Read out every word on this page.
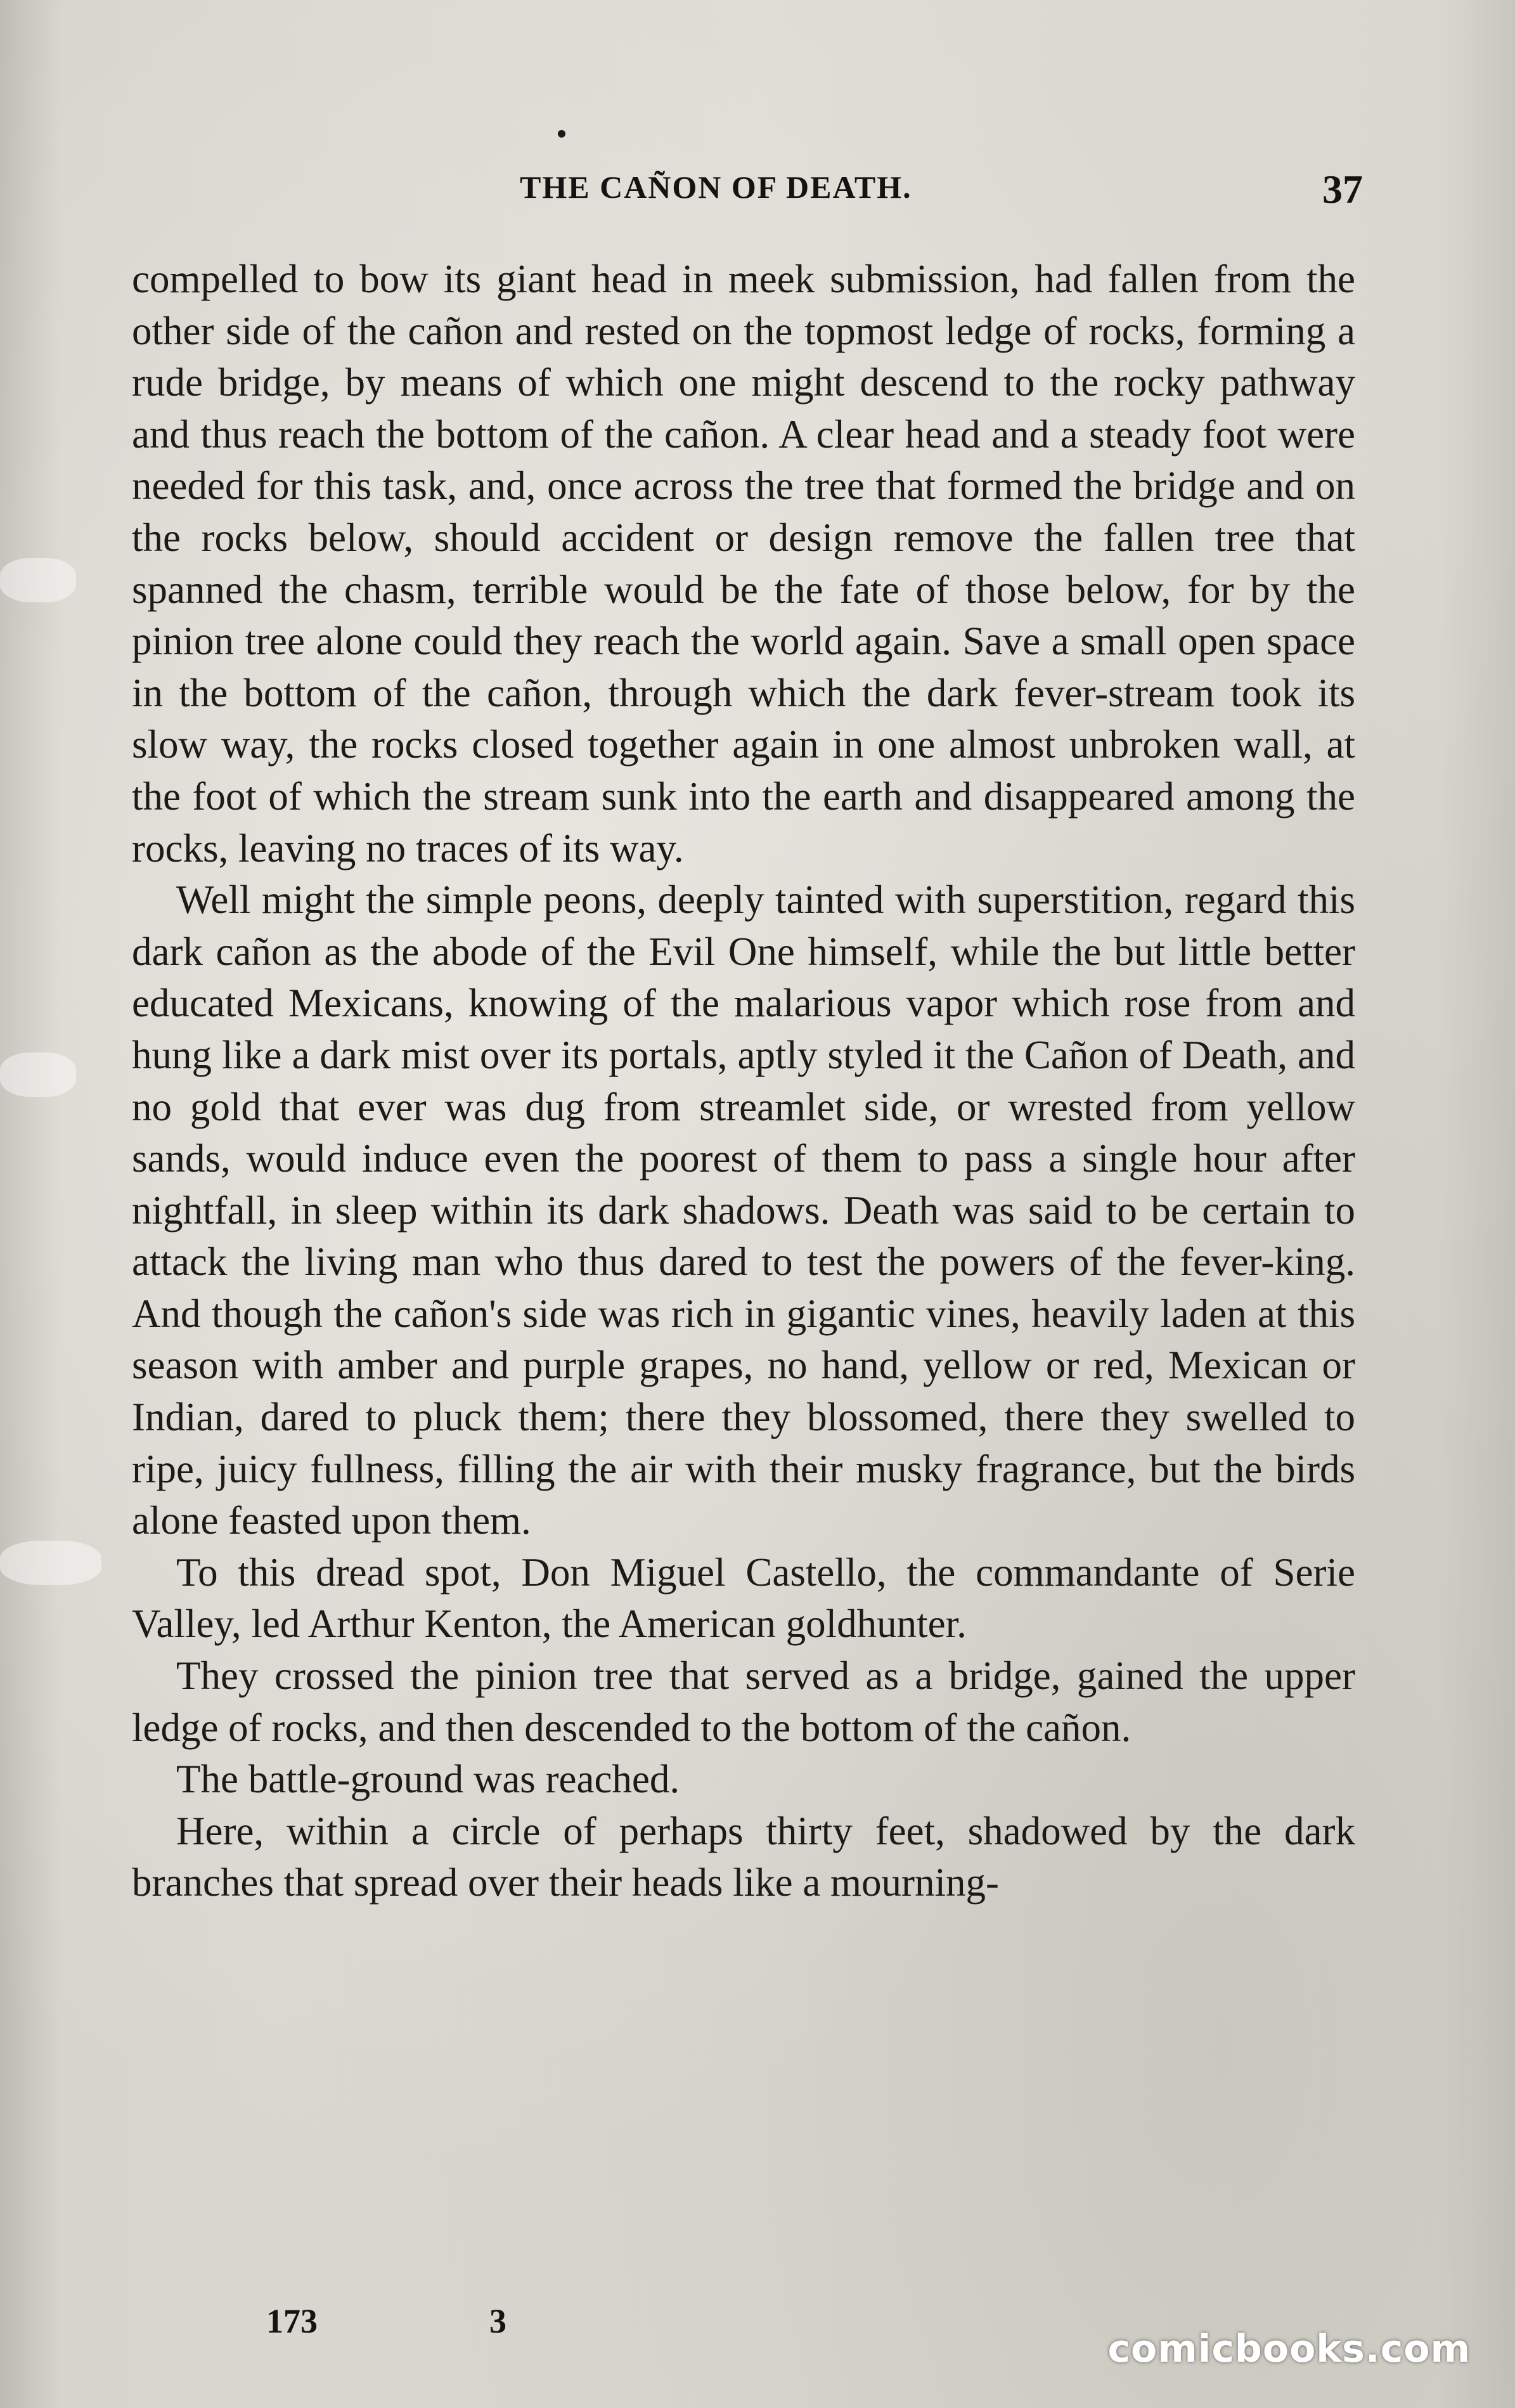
THE CAÑON OF DEATH.	37

compelled to bow its giant head in meek submission, had fallen from the other side of the cañon and rested on the topmost ledge of rocks, forming a rude bridge, by means of which one might descend to the rocky pathway and thus reach the bottom of the cañon. A clear head and a steady foot were needed for this task, and, once across the tree that formed the bridge and on the rocks below, should accident or design remove the fallen tree that spanned the chasm, terrible would be the fate of those below, for by the pinion tree alone could they reach the world again. Save a small open space in the bottom of the cañon, through which the dark fever-stream took its slow way, the rocks closed together again in one almost unbroken wall, at the foot of which the stream sunk into the earth and disappeared among the rocks, leaving no traces of its way.

Well might the simple peons, deeply tainted with superstition, regard this dark cañon as the abode of the Evil One himself, while the but little better educated Mexicans, knowing of the malarious vapor which rose from and hung like a dark mist over its portals, aptly styled it the Cañon of Death, and no gold that ever was dug from streamlet side, or wrested from yellow sands, would induce even the poorest of them to pass a single hour after nightfall, in sleep within its dark shadows. Death was said to be certain to attack the living man who thus dared to test the powers of the fever-king. And though the cañon's side was rich in gigantic vines, heavily laden at this season with amber and purple grapes, no hand, yellow or red, Mexican or Indian, dared to pluck them; there they blossomed, there they swelled to ripe, juicy fullness, filling the air with their musky fragrance, but the birds alone feasted upon them.

To this dread spot, Don Miguel Castello, the commandante of Serie Valley, led Arthur Kenton, the American goldhunter.

They crossed the pinion tree that served as a bridge, gained the upper ledge of rocks, and then descended to the bottom of the cañon.

The battle-ground was reached.

Here, within a circle of perhaps thirty feet, shadowed by the dark branches that spread over their heads like a mourning-

173	3
comicbooks.com
